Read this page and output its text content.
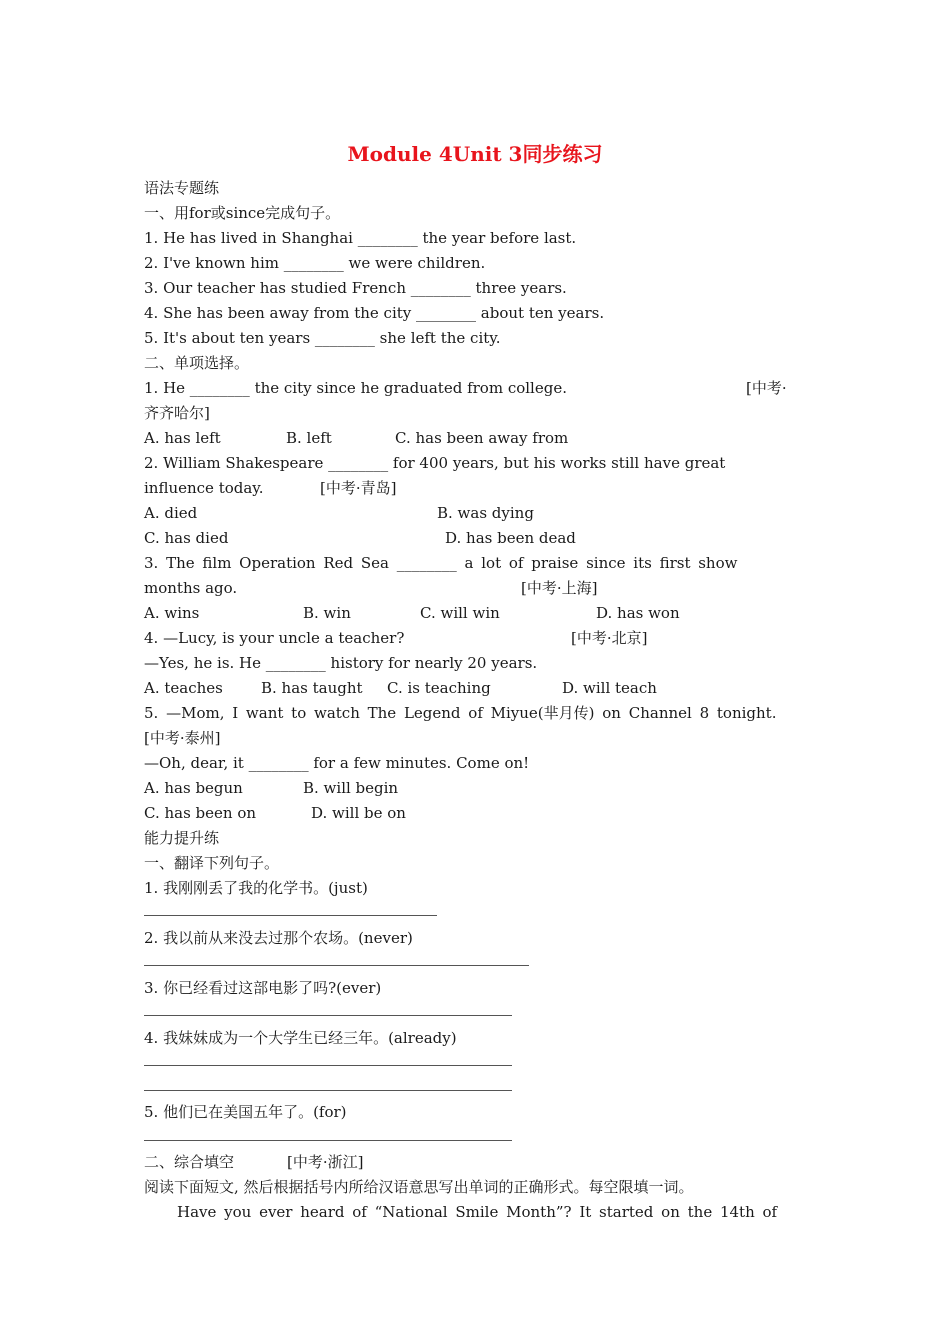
Module 4Unit 3同步练习
语法专题练
一、用for或since完成句子。
1. He has lived in Shanghai ________ the year before last.
2. I've known him ________ we were children.
3. Our teacher has studied French ________ three years.
4. She has been away from the city ________ about ten years.
5. It's about ten years ________ she left the city.
二、单项选择。
1. He ________ the city since he graduated from college.	[中考·
齐齐哈尔]
A. has left	B. left	C. has been away from
2. William Shakespeare ________ for 400 years, but his works still have great
influence today.	[中考·青岛]
A. died	B. was dying
C. has died	D. has been dead
3. The film Operation Red Sea ________ a lot of praise since its first show
months ago.	[中考·上海]
A. wins	B. win	C. will win	D. has won
4. —Lucy, is your uncle a teacher?	[中考·北京]
—Yes, he is. He ________ history for nearly 20 years.
A. teaches	B. has taught C. is teaching	D. will teach
5. —Mom, I want to watch The Legend of Miyue(芈月传) on Channel 8 tonight.
[中考·泰州]
—Oh, dear, it ________ for a few minutes. Come on!
A. has begun	B. will begin
C. has been on	D. will be on
能力提升练
一、翻译下列句子。
1. 我刚刚丢了我的化学书。(just)
2. 我以前从来没去过那个农场。(never)
3. 你已经看过这部电影了吗?(ever)
4. 我妹妹成为一个大学生已经三年。(already)
5. 他们已在美国五年了。(for)
二、综合填空	[中考·浙江]
阅读下面短文, 然后根据括号内所给汉语意思写出单词的正确形式。每空限填一词。
Have you ever heard of “National Smile Month”? It started on the 14th of
